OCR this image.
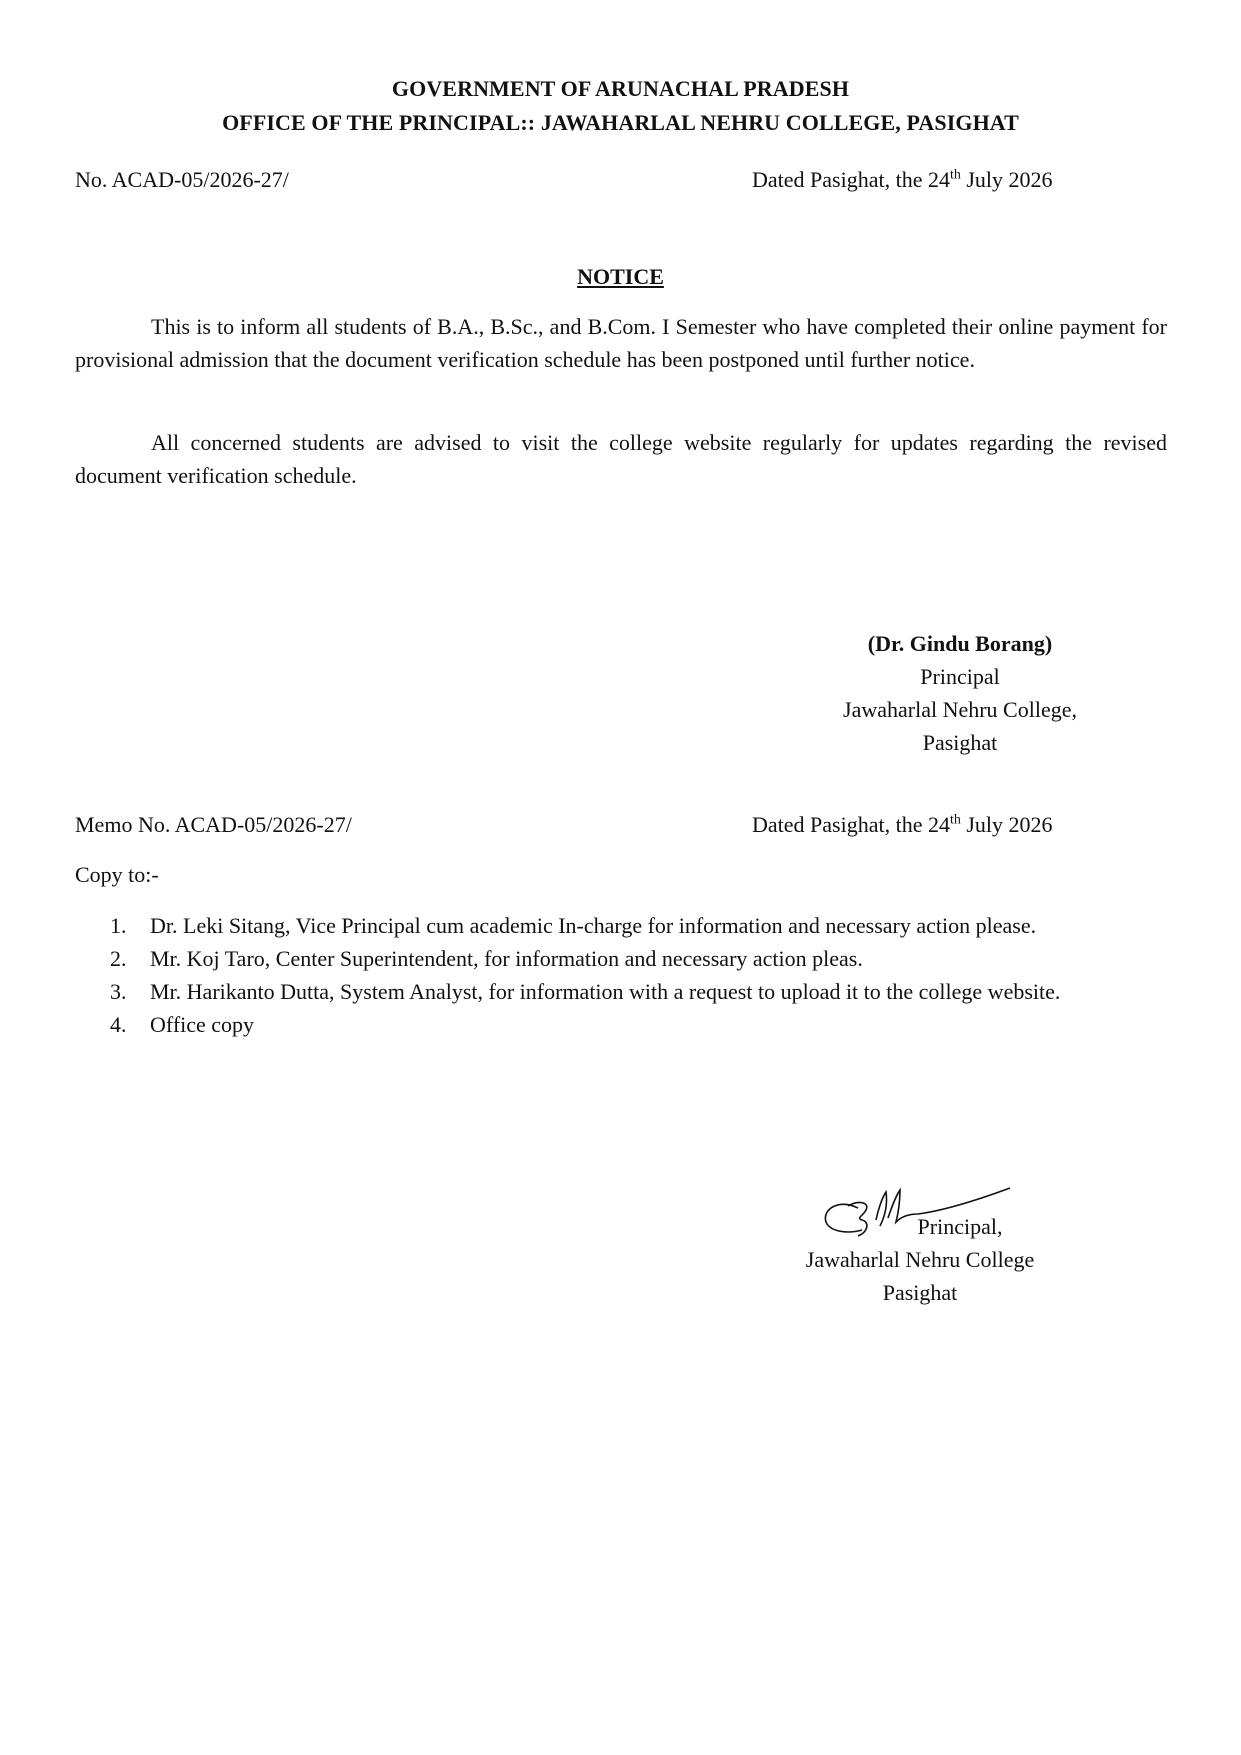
GOVERNMENT OF ARUNACHAL PRADESH
OFFICE OF THE PRINCIPAL:: JAWAHARLAL NEHRU COLLEGE, PASIGHAT
No. ACAD-05/2026-27/	Dated Pasighat, the 24th July 2026
NOTICE
This is to inform all students of B.A., B.Sc., and B.Com. I Semester who have completed their online payment for provisional admission that the document verification schedule has been postponed until further notice.
All concerned students are advised to visit the college website regularly for updates regarding the revised document verification schedule.
(Dr. Gindu Borang)
Principal
Jawaharlal Nehru College,
Pasighat
Memo No. ACAD-05/2026-27/	Dated Pasighat, the 24th July 2026
Copy to:-
1. Dr. Leki Sitang, Vice Principal cum academic In-charge for information and necessary action please.
2. Mr. Koj Taro, Center Superintendent, for information and necessary action pleas.
3. Mr. Harikanto Dutta, System Analyst, for information with a request to upload it to the college website.
4. Office copy
Principal,
Jawaharlal Nehru College
Pasighat
